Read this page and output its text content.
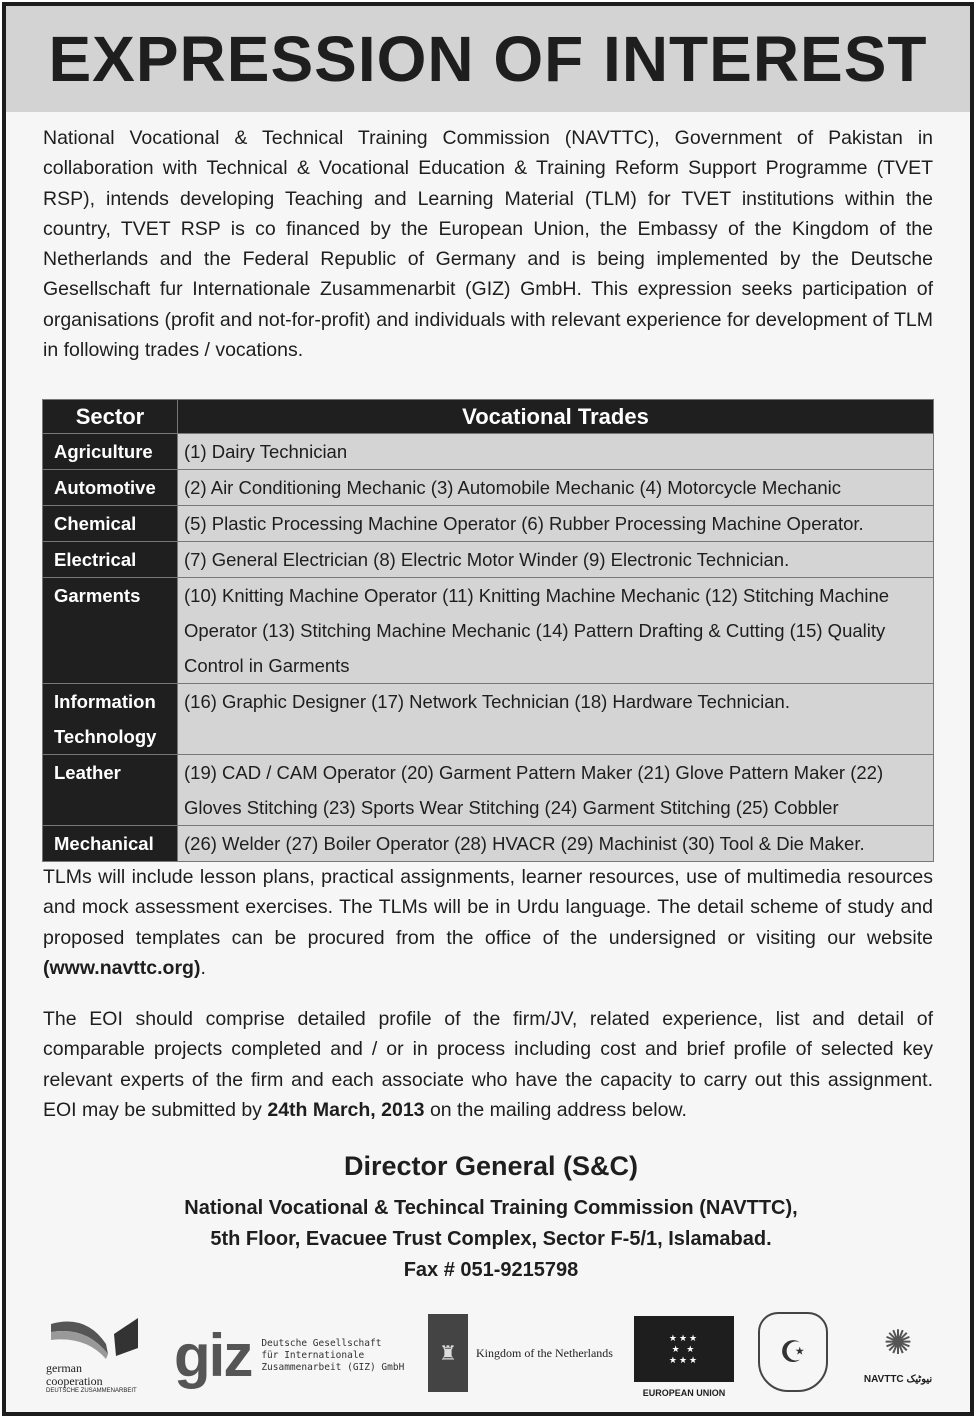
EXPRESSION OF INTEREST

National Vocational & Technical Training Commission (NAVTTC), Government of Pakistan in collaboration with Technical & Vocational Education & Training Reform Support Programme (TVET RSP), intends developing Teaching and Learning Material (TLM) for TVET institutions within the country, TVET RSP is co financed by the European Union, the Embassy of the Kingdom of the Netherlands and the Federal Republic of Germany and is being implemented by the Deutsche Gesellschaft fur Internationale Zusammenarbit (GIZ) GmbH. This expression seeks participation of organisations (profit and not-for-profit) and individuals with relevant experience for development of TLM in following trades / vocations.

Sector	Vocational Trades
Agriculture	(1) Dairy Technician
Automotive	(2) Air Conditioning Mechanic (3) Automobile Mechanic (4) Motorcycle Mechanic
Chemical	(5) Plastic Processing Machine Operator (6) Rubber Processing Machine Operator.
Electrical	(7) General Electrician (8) Electric Motor Winder (9) Electronic Technician.
Garments	(10) Knitting Machine Operator (11) Knitting Machine Mechanic (12) Stitching Machine Operator (13) Stitching Machine Mechanic (14) Pattern Drafting & Cutting (15) Quality Control in Garments
Information Technology	(16) Graphic Designer (17) Network Technician (18) Hardware Technician.
Leather	(19) CAD / CAM Operator (20) Garment Pattern Maker (21) Glove Pattern Maker (22) Gloves Stitching (23) Sports Wear Stitching (24) Garment Stitching (25) Cobbler
Mechanical	(26) Welder (27) Boiler Operator (28) HVACR (29) Machinist (30) Tool & Die Maker.

TLMs will include lesson plans, practical assignments, learner resources, use of multimedia resources and mock assessment exercises. The TLMs will be in Urdu language. The detail scheme of study and proposed templates can be procured from the office of the undersigned or visiting our website (www.navttc.org).

The EOI should comprise detailed profile of the firm/JV, related experience, list and detail of comparable projects completed and / or in process including cost and brief profile of selected key relevant experts of the firm and each associate who have the capacity to carry out this assignment. EOI may be submitted by 24th March, 2013 on the mailing address below.

Director General (S&C)
National Vocational & Techincal Training Commission (NAVTTC),
5th Floor, Evacuee Trust Complex, Sector F-5/1, Islamabad.
Fax # 051-9215798
german
cooperation
DEUTSCHE ZUSAMMENARBEIT
giz Deutsche Gesellschaft
für Internationale
Zusammenarbeit (GIZ) GmbH
♜	Kingdom of the Netherlands
★★★
★ ★
★★★
EUROPEAN UNION
☪	✺
NAVTTC نیوٹیک
